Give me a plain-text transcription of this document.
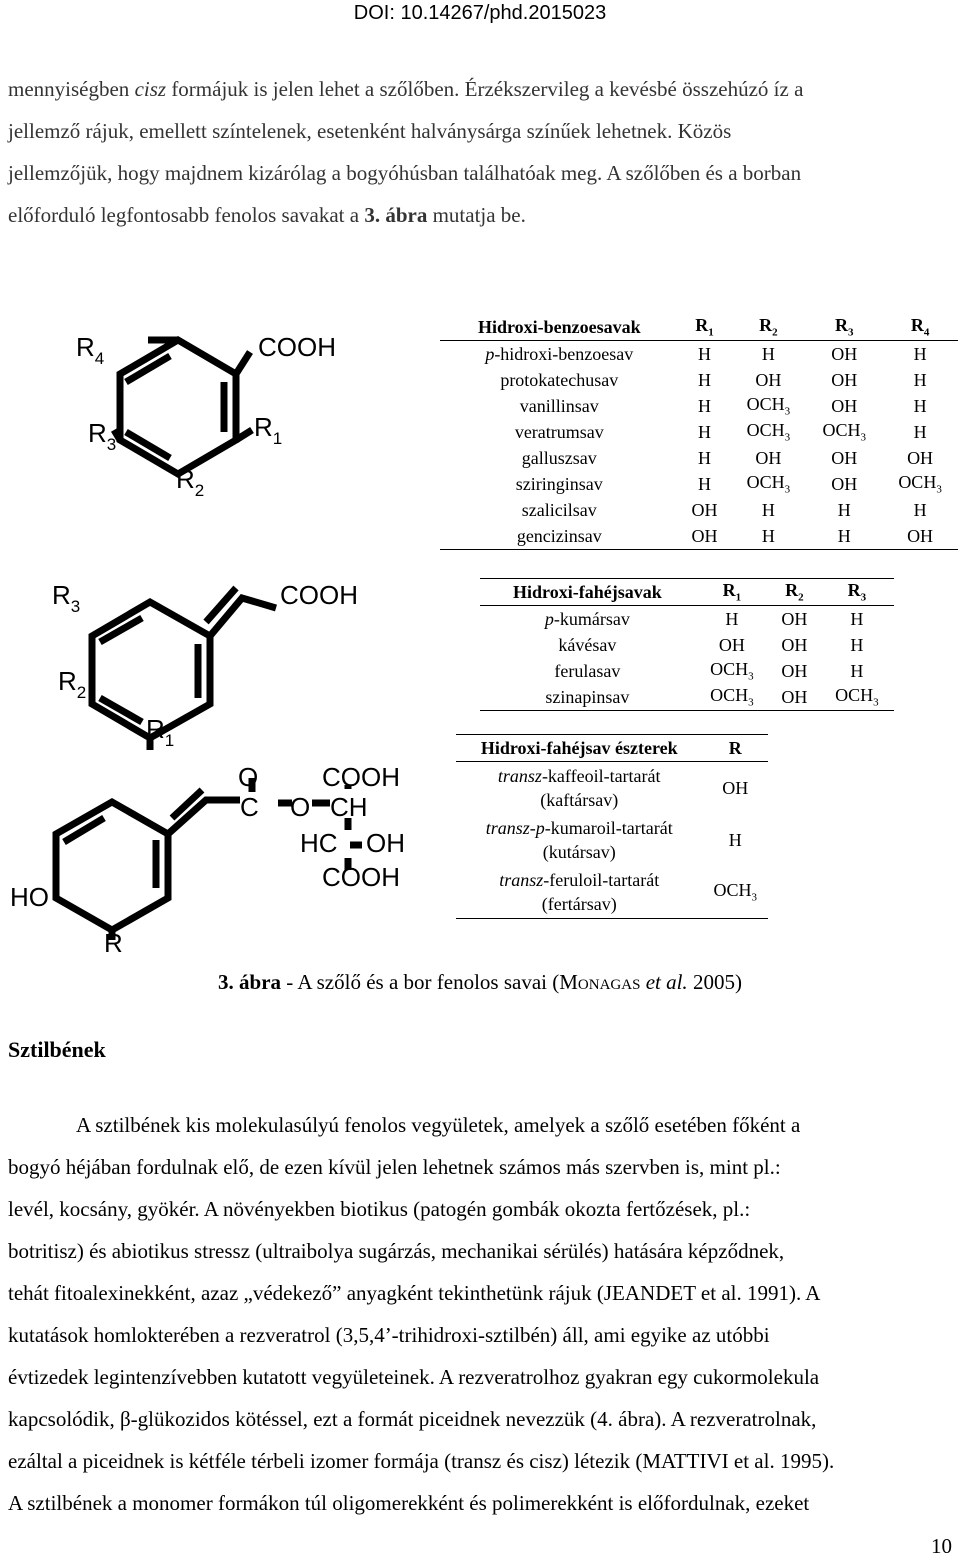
DOI: 10.14267/phd.2015023
mennyiségben cisz formájuk is jelen lehet a szőlőben. Érzékszervileg a kevésbé összehúzó íz a
jellemző rájuk, emellett színtelenek, esetenként halványsárga színűek lehetnek. Közös
jellemzőjük, hogy majdnem kizárólag a bogyóhúsban találhatóak meg. A szőlőben és a borban
előforduló legfontosabb fenolos savakat a 3. ábra mutatja be.
$R_4$	COOH
$R_3$
$R_1$
$R_2$
$R_3$	COOH
$R_2$
$R_1$
O
C O
COOH
CH
HC OH
COOH
HO
R
Hidroxi-benzoesavak	$R_1$	$R_2$	$R_3$	$R_4$
p-hidroxi-benzoesav	H	H	OH	H
protokatechusav	H	OH	OH	H
vanillinsav	H	$OCH_3$	OH	H
veratrumsav	H	$OCH_3$	$OCH_3$	H
galluszsav	H	OH	OH	OH
sziringinsav	H	$OCH_3$	OH	$OCH_3$
szalicilsav	OH	H	H	H
gencizinsav	OH	H	H	OH
Hidroxi-fahéjsavak	$R_1$	$R_2$	$R_3$
p-kumársav	H	OH	H
kávésav	OH	OH	H
ferulasav	$OCH_3$	OH	H
szinapinsav	$OCH_3$	OH	$OCH_3$
Hidroxi-fahéjsav észterek	R
transz-kaffeoil-tartarát
(kaftársav)	OH
transz-p-kumaroil-tartarát
(kutársav)	H
transz-feruloil-tartarát
(fertársav)	$OCH_3$
3. ábra - A szőlő és a bor fenolos savai (MONAGAS et al. 2005)
Sztilbének
A sztilbének kis molekulasúlyú fenolos vegyületek, amelyek a szőlő esetében főként a
bogyó héjában fordulnak elő, de ezen kívül jelen lehetnek számos más szervben is, mint pl.:
levél, kocsány, gyökér. A növényekben biotikus (patogén gombák okozta fertőzések, pl.:
botritisz) és abiotikus stressz (ultraibolya sugárzás, mechanikai sérülés) hatására képződnek,
tehát fitoalexinekként, azaz „védekező” anyagként tekinthetünk rájuk (JEANDET et al. 1991). A
kutatások homlokterében a rezveratrol (3,5,4’-trihidroxi-sztilbén) áll, ami egyike az utóbbi
évtizedek legintenzívebben kutatott vegyületeinek. A rezveratrolhoz gyakran egy cukormolekula
kapcsolódik, β-glükozidos kötéssel, ezt a formát piceidnek nevezzük (4. ábra). A rezveratrolnak,
ezáltal a piceidnek is kétféle térbeli izomer formája (transz és cisz) létezik (MATTIVI et al. 1995).
A sztilbének a monomer formákon túl oligomerekként és polimerekként is előfordulnak, ezeket
10
